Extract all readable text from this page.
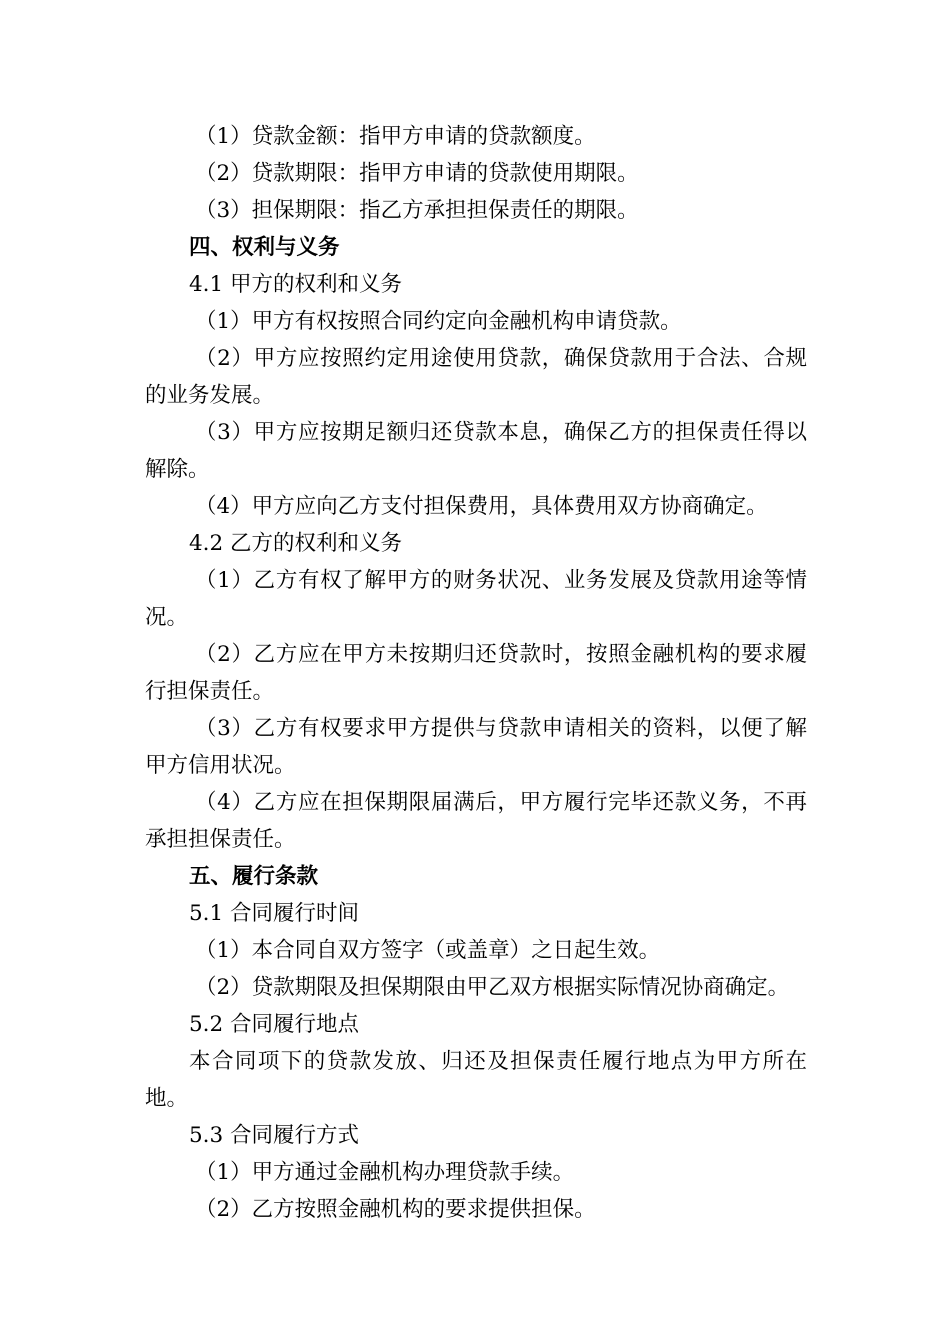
（1）贷款金额：指甲方申请的贷款额度。
（2）贷款期限：指甲方申请的贷款使用期限。
（3）担保期限：指乙方承担担保责任的期限。
四、权利与义务
4.1 甲方的权利和义务
（1）甲方有权按照合同约定向金融机构申请贷款。
（2）甲方应按照约定用途使用贷款，确保贷款用于合法、合规
的业务发展。
（3）甲方应按期足额归还贷款本息，确保乙方的担保责任得以
解除。
（4）甲方应向乙方支付担保费用，具体费用双方协商确定。
4.2 乙方的权利和义务
（1）乙方有权了解甲方的财务状况、业务发展及贷款用途等情
况。
（2）乙方应在甲方未按期归还贷款时，按照金融机构的要求履
行担保责任。
（3）乙方有权要求甲方提供与贷款申请相关的资料，以便了解
甲方信用状况。
（4）乙方应在担保期限届满后，甲方履行完毕还款义务，不再
承担担保责任。
五、履行条款
5.1 合同履行时间
（1）本合同自双方签字（或盖章）之日起生效。
（2）贷款期限及担保期限由甲乙双方根据实际情况协商确定。
5.2 合同履行地点
本合同项下的贷款发放、归还及担保责任履行地点为甲方所在
地。
5.3 合同履行方式
（1）甲方通过金融机构办理贷款手续。
（2）乙方按照金融机构的要求提供担保。
